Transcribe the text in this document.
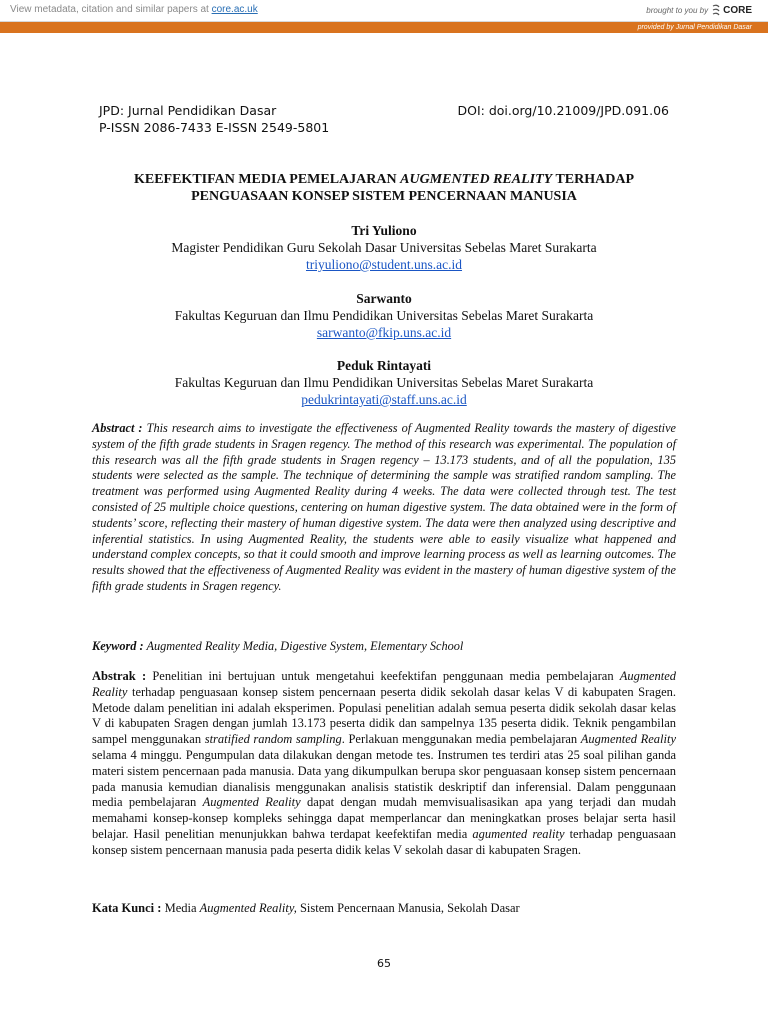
View metadata, citation and similar papers at core.ac.uk	brought to you by CORE
provided by Jurnal Pendidikan Dasar
JPD: Jurnal Pendidikan Dasar	DOI: doi.org/10.21009/JPD.091.06
P-ISSN 2086-7433 E-ISSN 2549-5801
KEEFEKTIFAN MEDIA PEMELAJARAN AUGMENTED REALITY TERHADAP
PENGUASAAN KONSEP SISTEM PENCERNAAN MANUSIA
Tri Yuliono
Magister Pendidikan Guru Sekolah Dasar Universitas Sebelas Maret Surakarta
triyuliono@student.uns.ac.id
Sarwanto
Fakultas Keguruan dan Ilmu Pendidikan Universitas Sebelas Maret Surakarta
sarwanto@fkip.uns.ac.id
Peduk Rintayati
Fakultas Keguruan dan Ilmu Pendidikan Universitas Sebelas Maret Surakarta
pedukrintayati@staff.uns.ac.id
Abstract : This research aims to investigate the effectiveness of Augmented Reality towards the mastery of digestive system of the fifth grade students in Sragen regency. The method of this research was experimental. The population of this research was all the fifth grade students in Sragen regency – 13.173 students, and of all the population, 135 students were selected as the sample. The technique of determining the sample was stratified random sampling. The treatment was performed using Augmented Reality during 4 weeks. The data were collected through test. The test consisted of 25 multiple choice questions, centering on human digestive system. The data obtained were in the form of students’ score, reflecting their mastery of human digestive system. The data were then analyzed using descriptive and inferential statistics. In using Augmented Reality, the students were able to easily visualize what happened and understand complex concepts, so that it could smooth and improve learning process as well as learning outcomes. The results showed that the effectiveness of Augmented Reality was evident in the mastery of human digestive system of the fifth grade students in Sragen regency.
Keyword : Augmented Reality Media, Digestive System, Elementary School
Abstrak : Penelitian ini bertujuan untuk mengetahui keefektifan penggunaan media pembelajaran Augmented Reality terhadap penguasaan konsep sistem pencernaan peserta didik sekolah dasar kelas V di kabupaten Sragen. Metode dalam penelitian ini adalah eksperimen. Populasi penelitian adalah semua peserta didik sekolah dasar kelas V di kabupaten Sragen dengan jumlah 13.173 peserta didik dan sampelnya 135 peserta didik. Teknik pengambilan sampel menggunakan stratified random sampling. Perlakuan menggunakan media pembelajaran Augmented Reality selama 4 minggu. Pengumpulan data dilakukan dengan metode tes. Instrumen tes terdiri atas 25 soal pilihan ganda materi sistem pencernaan pada manusia. Data yang dikumpulkan berupa skor penguasaan konsep sistem pencernaan pada manusia kemudian dianalisis menggunakan analisis statistik deskriptif dan inferensial. Dalam penggunaan media pembelajaran Augmented Reality dapat dengan mudah memvisualisasikan apa yang terjadi dan mudah memahami konsep-konsep kompleks sehingga dapat memperlancar dan meningkatkan proses belajar serta hasil belajar. Hasil penelitian menunjukkan bahwa terdapat keefektifan media agumented reality terhadap penguasaan konsep sistem pencernaan manusia pada peserta didik kelas V sekolah dasar di kabupaten Sragen.
Kata Kunci : Media Augmented Reality, Sistem Pencernaan Manusia, Sekolah Dasar
65
